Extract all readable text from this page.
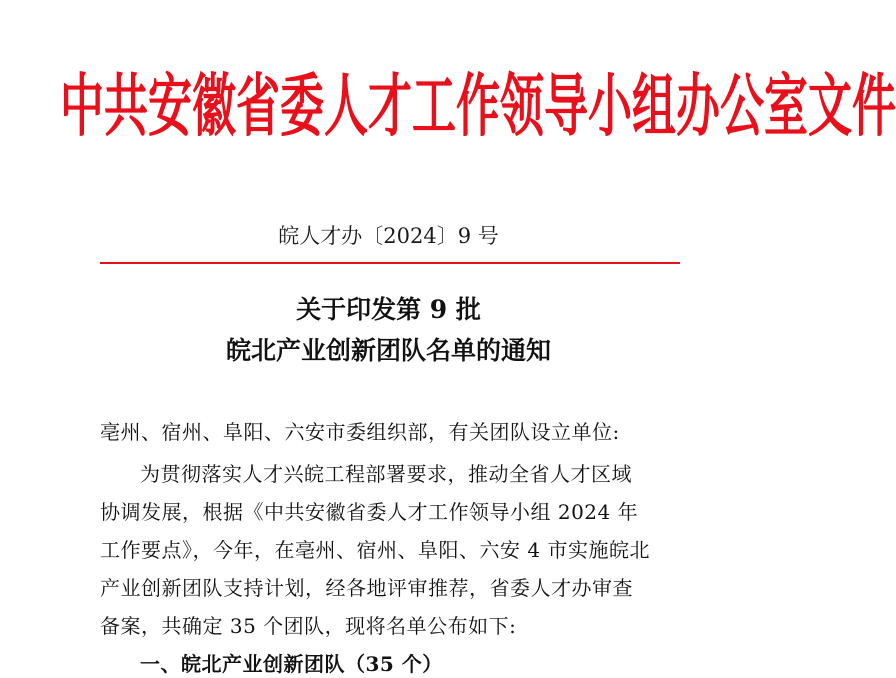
中共安徽省委人才工作领导小组办公室文件
皖人才办〔2024〕9 号
关于印发第 9 批
皖北产业创新团队名单的通知
亳州、宿州、阜阳、六安市委组织部，有关团队设立单位:
为贯彻落实人才兴皖工程部署要求，推动全省人才区域
协调发展，根据《中共安徽省委人才工作领导小组 2024 年
工作要点》，今年，在亳州、宿州、阜阳、六安 4 市实施皖北
产业创新团队支持计划，经各地评审推荐，省委人才办审查
备案，共确定 35 个团队，现将名单公布如下:
一、皖北产业创新团队（35 个）
